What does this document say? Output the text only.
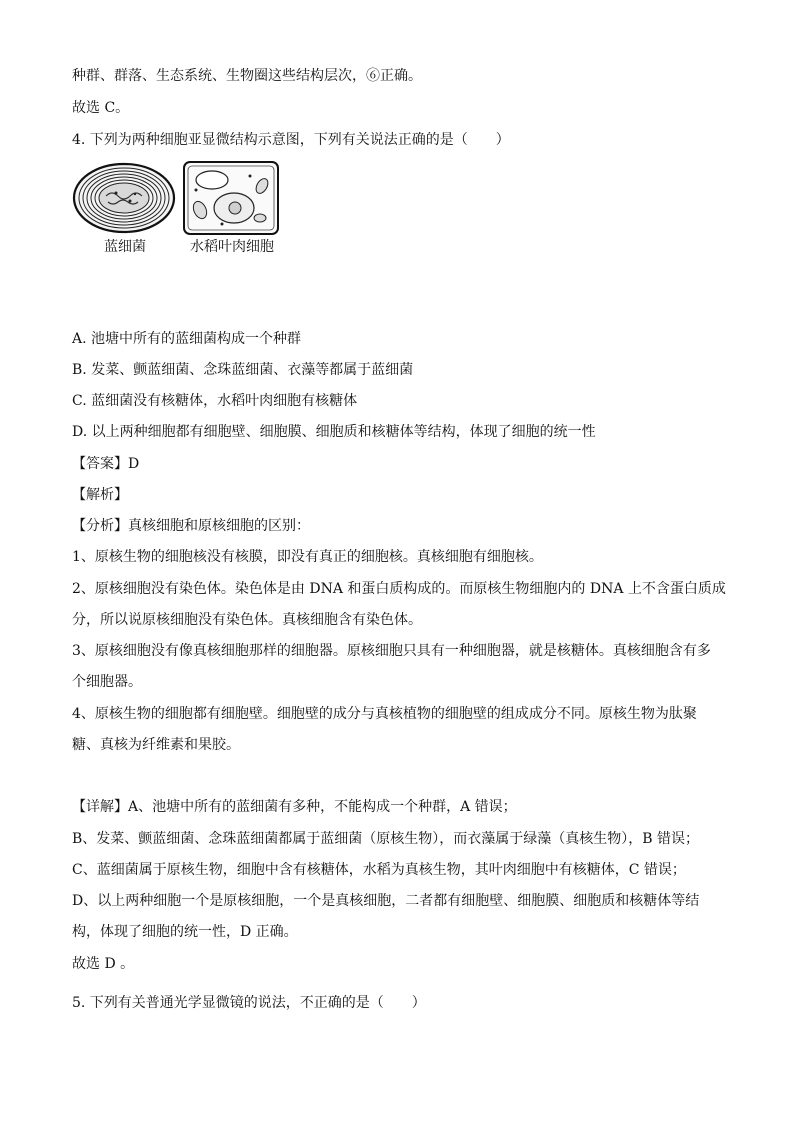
种群、群落、生态系统、生物圈这些结构层次，⑥正确。
故选 C。
4. 下列为两种细胞亚显微结构示意图，下列有关说法正确的是（　　）
蓝细菌	水稻叶肉细胞
A. 池塘中所有的蓝细菌构成一个种群
B. 发菜、颤蓝细菌、念珠蓝细菌、衣藻等都属于蓝细菌
C. 蓝细菌没有核糖体，水稻叶肉细胞有核糖体
D. 以上两种细胞都有细胞壁、细胞膜、细胞质和核糖体等结构，体现了细胞的统一性
【答案】D
【解析】
【分析】真核细胞和原核细胞的区别：
1、原核生物的细胞核没有核膜，即没有真正的细胞核。真核细胞有细胞核。
2、原核细胞没有染色体。染色体是由 DNA 和蛋白质构成的。而原核生物细胞内的 DNA 上不含蛋白质成
分，所以说原核细胞没有染色体。真核细胞含有染色体。
3、原核细胞没有像真核细胞那样的细胞器。原核细胞只具有一种细胞器，就是核糖体。真核细胞含有多
个细胞器。
4、原核生物的细胞都有细胞壁。细胞壁的成分与真核植物的细胞壁的组成成分不同。原核生物为肽聚
糖、真核为纤维素和果胶。
【详解】A、池塘中所有的蓝细菌有多种，不能构成一个种群，A 错误；
B、发菜、颤蓝细菌、念珠蓝细菌都属于蓝细菌（原核生物），而衣藻属于绿藻（真核生物），B 错误；
C、蓝细菌属于原核生物，细胞中含有核糖体，水稻为真核生物，其叶肉细胞中有核糖体，C 错误；
D、以上两种细胞一个是原核细胞，一个是真核细胞，二者都有细胞壁、细胞膜、细胞质和核糖体等结
构，体现了细胞的统一性，D 正确。
故选 D 。
5. 下列有关普通光学显微镜的说法，不正确的是（　　）
